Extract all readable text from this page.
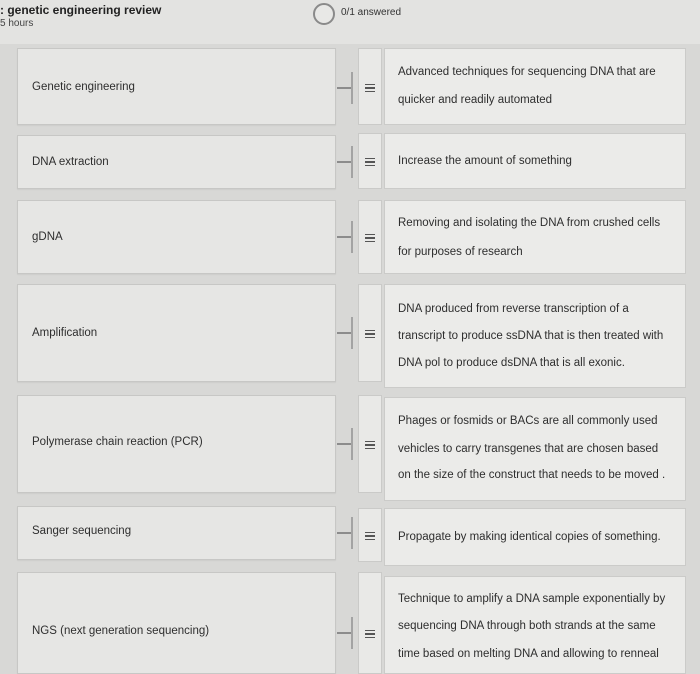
: genetic engineering review
5 hours
0/1 answered
Genetic engineering
Advanced techniques for sequencing DNA that are
quicker and readily automated
DNA extraction	Increase the amount of something
gDNA
Removing and isolating the DNA from crushed cells
for purposes of research
Amplification
DNA produced from reverse transcription of a
transcript to produce ssDNA that is then treated with
DNA pol to produce dsDNA that is all exonic.
Polymerase chain reaction (PCR)
Phages or fosmids or BACs are all commonly used
vehicles to carry transgenes that are chosen based
on the size of the construct that needs to be moved .
Sanger sequencing	Propagate by making identical copies of something.
NGS (next generation sequencing)
Technique to amplify a DNA sample exponentially by
sequencing DNA through both strands at the same
time based on melting DNA and allowing to renneal
